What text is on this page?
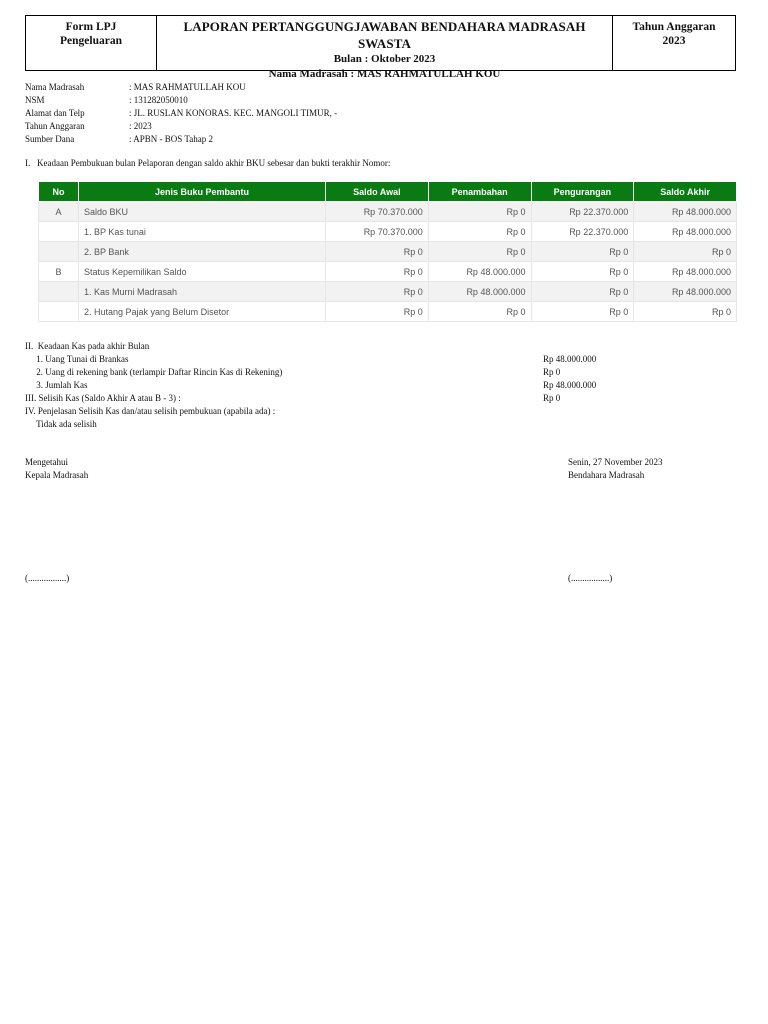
Form LPJ
Pengeluaran
LAPORAN PERTANGGUNGJAWABAN BENDAHARA MADRASAH SWASTA
Bulan : Oktober 2023
Nama Madrasah : MAS RAHMATULLAH KOU
Tahun Anggaran
2023
Nama Madrasah	: MAS RAHMATULLAH KOU
NSM	: 131282050010
Alamat dan Telp	: JL. RUSLAN KONORAS. KEC. MANGOLI TIMUR, -
Tahun Anggaran	: 2023
Sumber Dana	: APBN - BOS Tahap 2
I.   Keadaan Pembukuan bulan Pelaporan dengan saldo akhir BKU sebesar dan bukti terakhir Nomor:
No	Jenis Buku Pembantu	Saldo Awal	Penambahan	Pengurangan	Saldo Akhir
A	Saldo BKU	Rp 70.370.000	Rp 0	Rp 22.370.000	Rp 48.000.000
	1. BP Kas tunai	Rp 70.370.000	Rp 0	Rp 22.370.000	Rp 48.000.000
	2. BP Bank	Rp 0	Rp 0	Rp 0	Rp 0
B	Status Kepemilikan Saldo	Rp 0	Rp 48.000.000	Rp 0	Rp 48.000.000
	1. Kas Murni Madrasah	Rp 0	Rp 48.000.000	Rp 0	Rp 48.000.000
	2. Hutang Pajak yang Belum Disetor	Rp 0	Rp 0	Rp 0	Rp 0
II.  Keadaan Kas pada akhir Bulan
1. Uang Tunai di Brankas	Rp 48.000.000
2. Uang di rekening bank (terlampir Daftar Rincin Kas di Rekening)	Rp 0
3. Jumlah Kas	Rp 48.000.000
III. Selisih Kas (Saldo Akhir A atau B - 3) :	Rp 0
IV. Penjelasan Selisih Kas dan/atau selisih pembukuan (apabila ada) :
Tidak ada selisih
Mengetahui
Kepala Madrasah
Senin, 27 November 2023
Bendahara Madrasah
(.................)	(.................)
